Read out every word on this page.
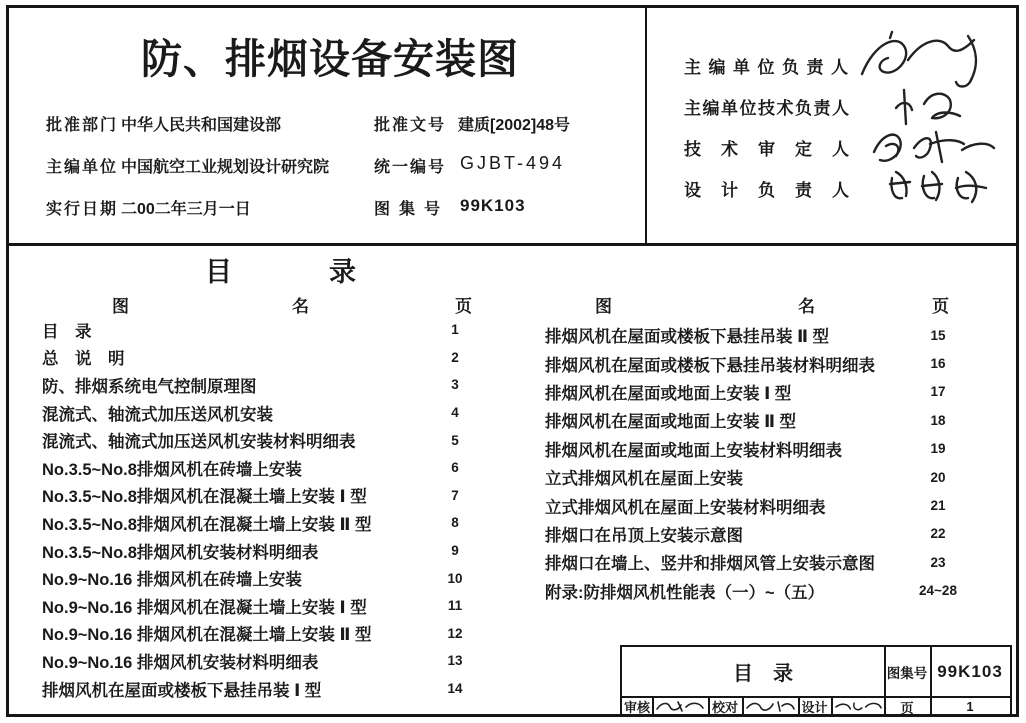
防、排烟设备安装图
批准部门 中华人民共和国建设部	批准文号 建质[2002]48号
主编单位 中国航空工业规划设计研究院	统一编号 GJBT-494
实行日期 二00二年三月一日	图集号 99K103
主编单位负责人
主编单位技术负责人
技术审定人
设计负责人
目录
图	名	页	图	名	页
目　录	1
总　说　明	2
防、排烟系统电气控制原理图	3
混流式、轴流式加压送风机安装	4
混流式、轴流式加压送风机安装材料明细表	5
No.3.5~No.8排烟风机在砖墙上安装	6
No.3.5~No.8排烟风机在混凝土墙上安装 Ⅰ 型	7
No.3.5~No.8排烟风机在混凝土墙上安装 Ⅱ 型	8
No.3.5~No.8排烟风机安装材料明细表	9
No.9~No.16 排烟风机在砖墙上安装	10
No.9~No.16 排烟风机在混凝土墙上安装 Ⅰ 型	11
No.9~No.16 排烟风机在混凝土墙上安装 Ⅱ 型	12
No.9~No.16 排烟风机安装材料明细表	13
排烟风机在屋面或楼板下悬挂吊装 Ⅰ 型	14
排烟风机在屋面或楼板下悬挂吊装 Ⅱ 型	15
排烟风机在屋面或楼板下悬挂吊装材料明细表	16
排烟风机在屋面或地面上安装 Ⅰ 型	17
排烟风机在屋面或地面上安装 Ⅱ 型	18
排烟风机在屋面或地面上安装材料明细表	19
立式排烟风机在屋面上安装	20
立式排烟风机在屋面上安装材料明细表	21
排烟口在吊顶上安装示意图	22
排烟口在墙上、竖井和排烟风管上安装示意图	23
附录:防排烟风机性能表（一）~（五）	24~28
目录	图集号 99K103
审核	校对	设计	页	1
